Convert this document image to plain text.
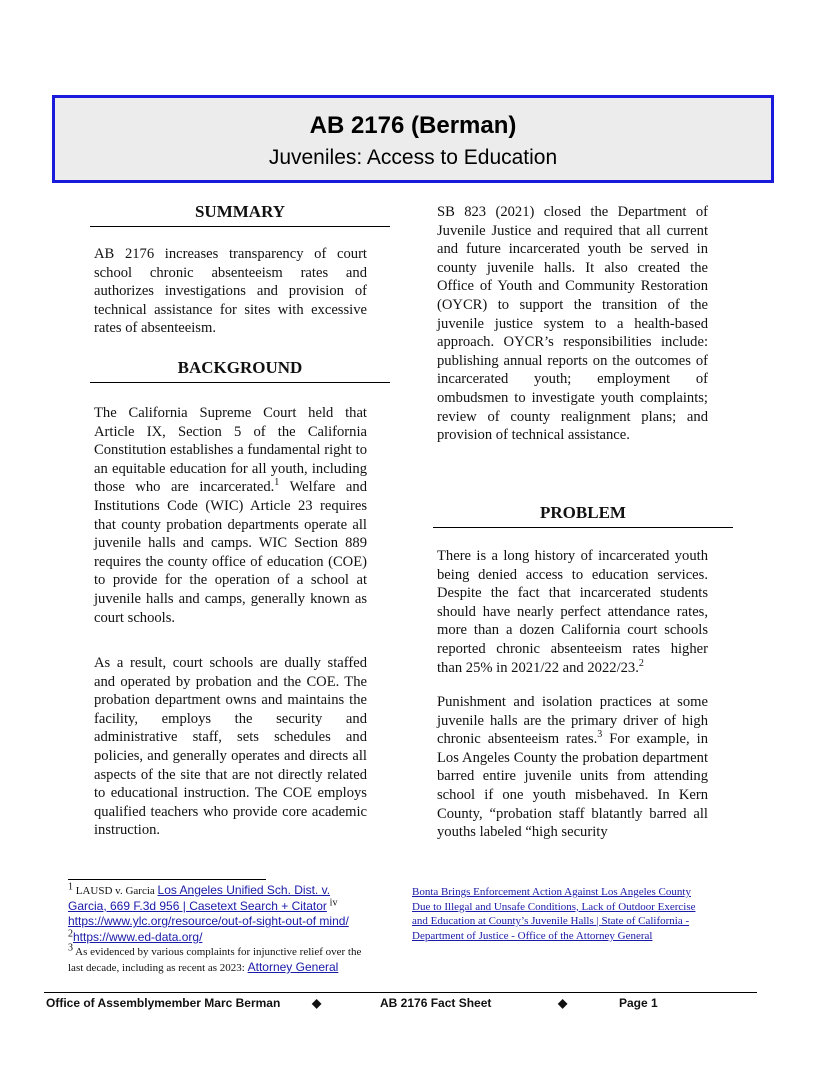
AB 2176 (Berman)
Juveniles: Access to Education
SUMMARY

AB 2176 increases transparency of court school chronic absenteeism rates and authorizes investigations and provision of technical assistance for sites with excessive rates of absenteeism.

BACKGROUND

The California Supreme Court held that Article IX, Section 5 of the California Constitution establishes a fundamental right to an equitable education for all youth, including those who are incarcerated.$^1$ Welfare and Institutions Code (WIC) Article 23 requires that county probation departments operate all juvenile halls and camps. WIC Section 889 requires the county office of education (COE) to provide for the operation of a school at juvenile halls and camps, generally known as court schools.

As a result, court schools are dually staffed and operated by probation and the COE. The probation department owns and maintains the facility, employs the security and administrative staff, sets schedules and policies, and generally operates and directs all aspects of the site that are not directly related to educational instruction. The COE employs qualified teachers who provide core academic instruction.

SB 823 (2021) closed the Department of Juvenile Justice and required that all current and future incarcerated youth be served in county juvenile halls. It also created the Office of Youth and Community Restoration (OYCR) to support the transition of the juvenile justice system to a health-based approach. OYCR’s responsibilities include: publishing annual reports on the outcomes of incarcerated youth; employment of ombudsmen to investigate youth complaints; review of county realignment plans; and provision of technical assistance.

PROBLEM

There is a long history of incarcerated youth being denied access to education services. Despite the fact that incarcerated students should have nearly perfect attendance rates, more than a dozen California court schools reported chronic absenteeism rates higher than 25% in 2021/22 and 2022/23.$^2$

Punishment and isolation practices at some juvenile halls are the primary driver of high chronic absenteeism rates.$^3$ For example, in Los Angeles County the probation department barred entire juvenile units from attending school if one youth misbehaved. In Kern County, “probation staff blatantly barred all youths labeled “high security

1 LAUSD v. Garcia Los Angeles Unified Sch. Dist. v. Garcia, 669 F.3d 956 | Casetext Search + Citator iv https://www.ylc.org/resource/out-of-sight-out-of mind/
2https://www.ed-data.org/
3 As evidenced by various complaints for injunctive relief over the last decade, including as recent as 2023: Attorney General
Bonta Brings Enforcement Action Against Los Angeles County Due to Illegal and Unsafe Conditions, Lack of Outdoor Exercise and Education at County’s Juvenile Halls | State of California - Department of Justice - Office of the Attorney General
Office of Assemblymember Marc Berman	◆	AB 2176 Fact Sheet	◆	Page 1
